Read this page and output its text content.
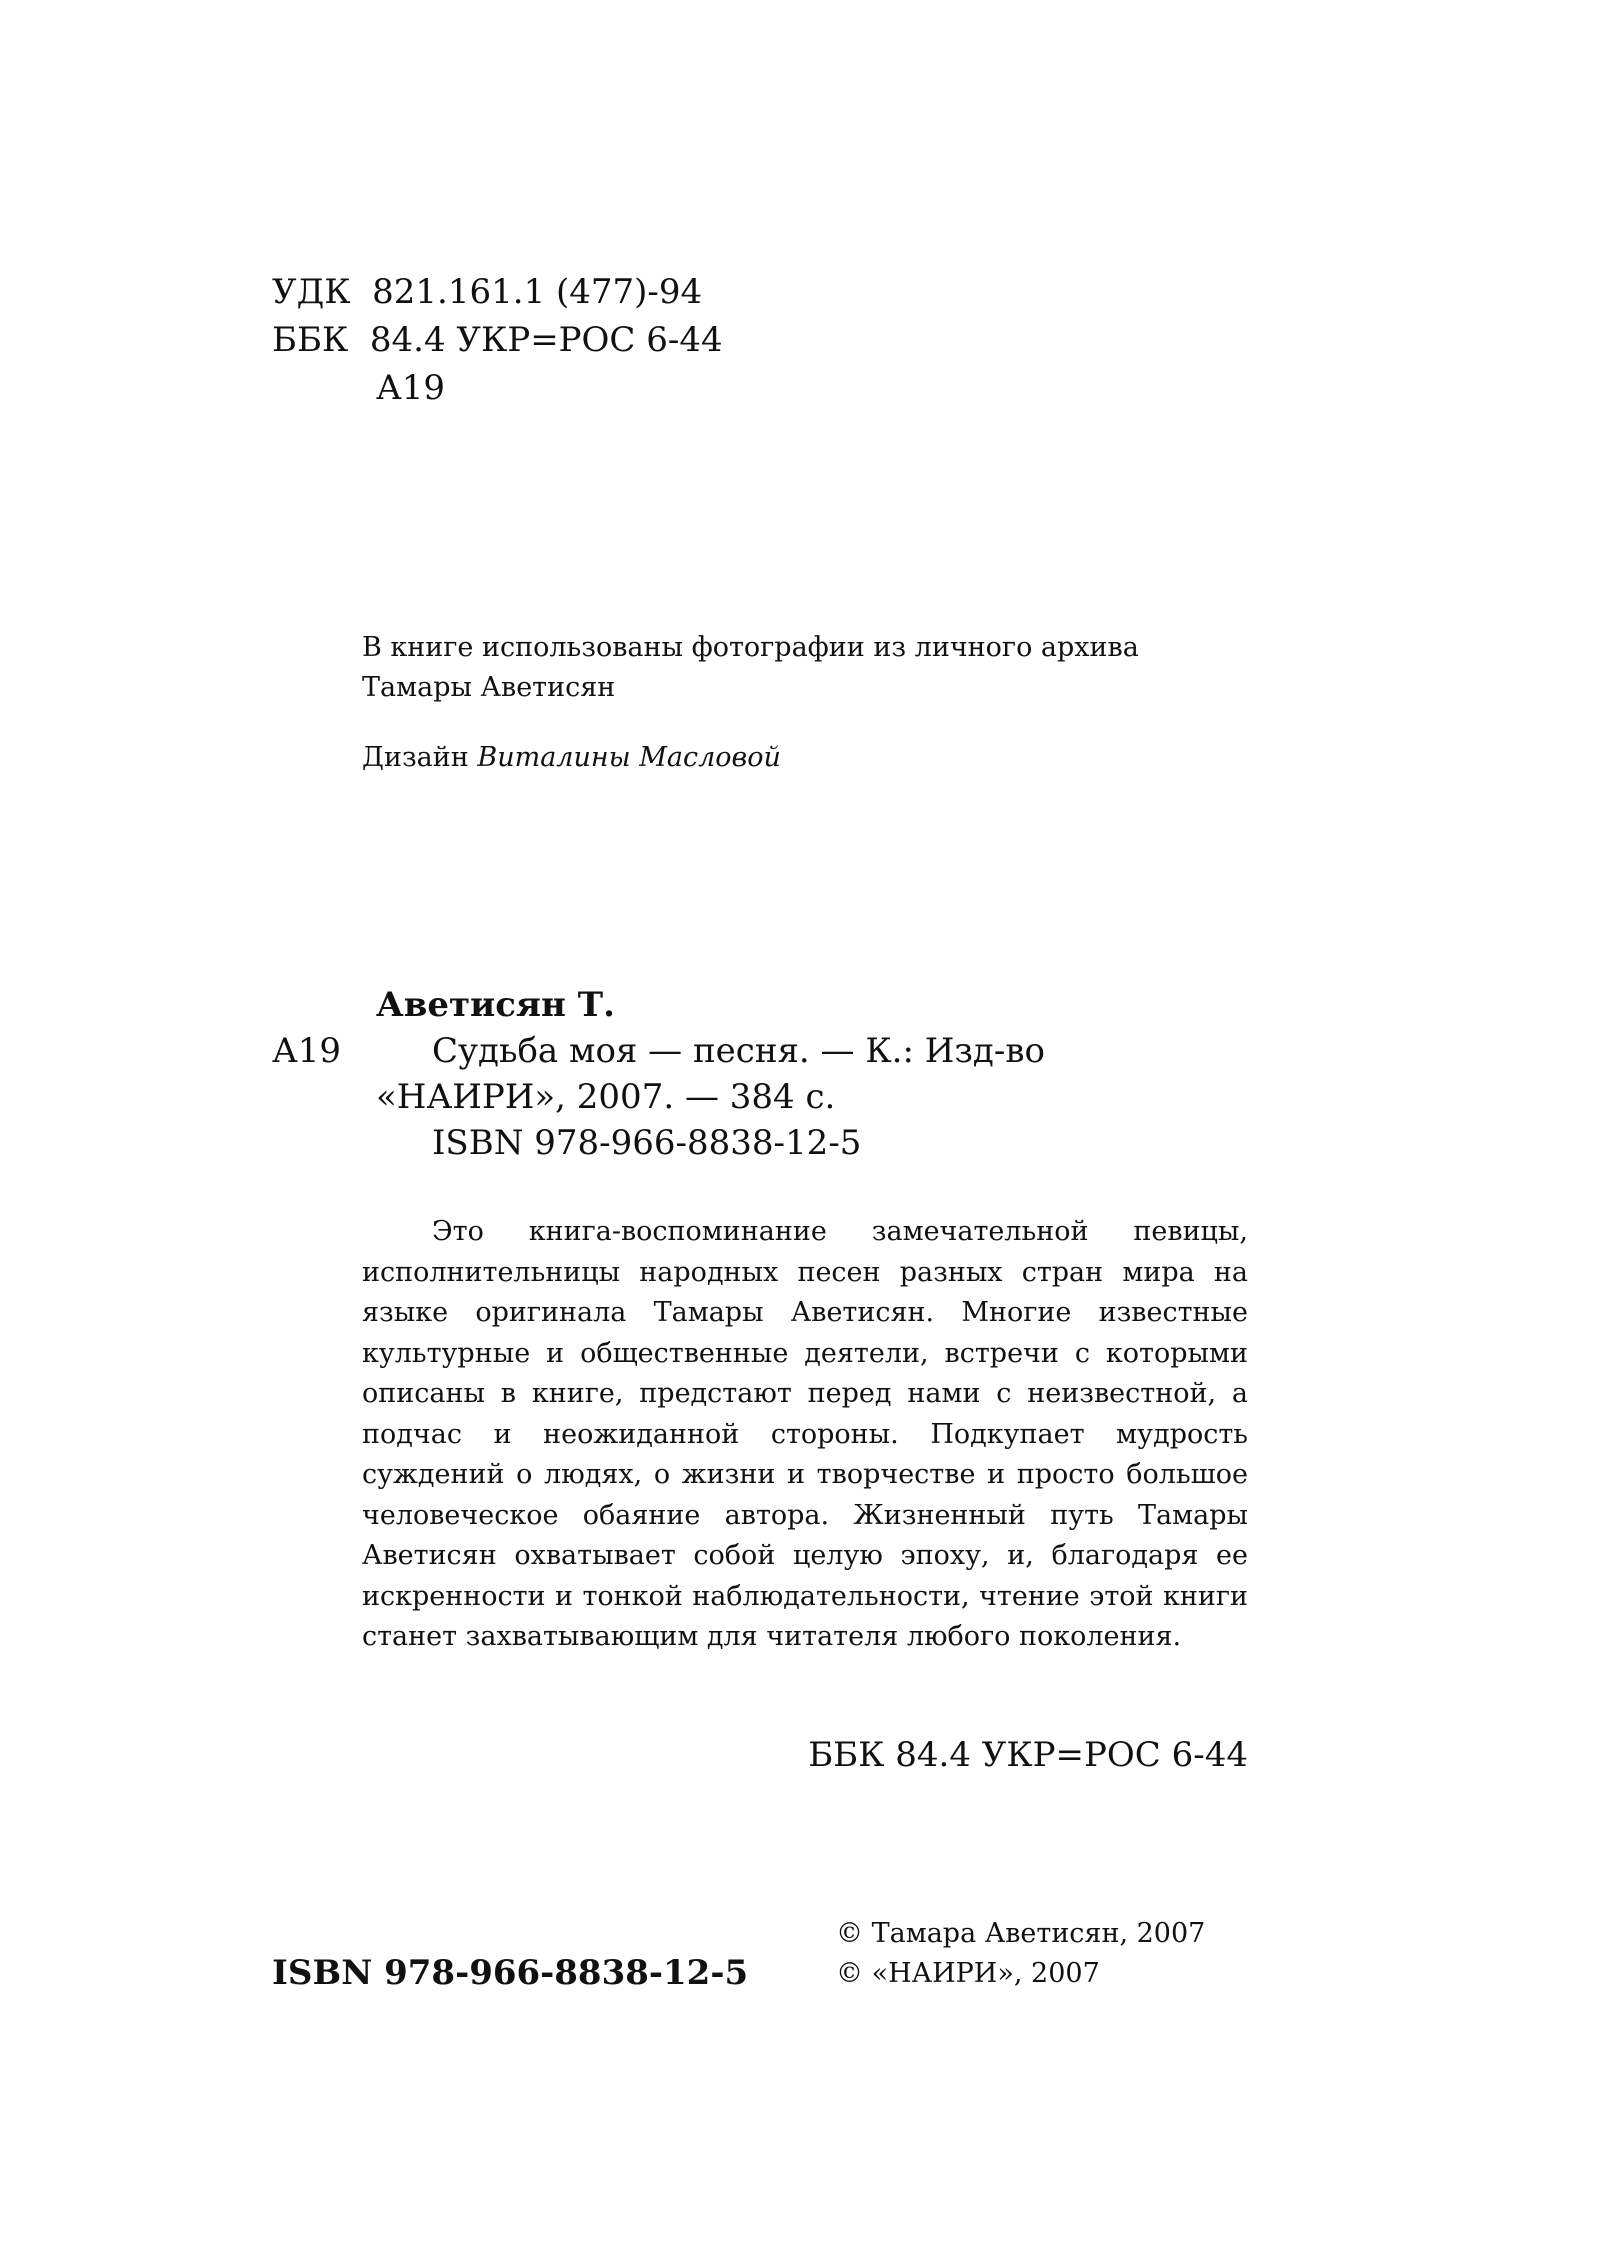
УДК 821.161.1 (477)-94
ББК 84.4 УКР=РОС 6-44
А19
В книге использованы фотографии из личного архива
Тамары Аветисян
Дизайн Виталины Масловой
Аветисян Т.
А19	Судьба моя — песня. — К.: Изд-во
«НАИРИ», 2007. — 384 с.
ISBN 978-966-8838-12-5

Это книга-воспоминание замечательной певицы, исполнительницы народных песен разных стран мира на языке оригинала Тамары Аветисян. Многие известные культурные и общественные деятели, встречи с которыми описаны в книге, предстают перед нами с неизвестной, а подчас и неожиданной стороны. Подкупает мудрость суждений о людях, о жизни и творчестве и просто большое человеческое обаяние автора. Жизненный путь Тамары Аветисян охватывает собой целую эпоху, и, благодаря ее искренности и тонкой наблюдательности, чтение этой книги станет захватывающим для читателя любого поколения.

ББК 84.4 УКР=РОС 6-44
ISBN 978-966-8838-12-5
© Тамара Аветисян, 2007
© «НАИРИ», 2007
